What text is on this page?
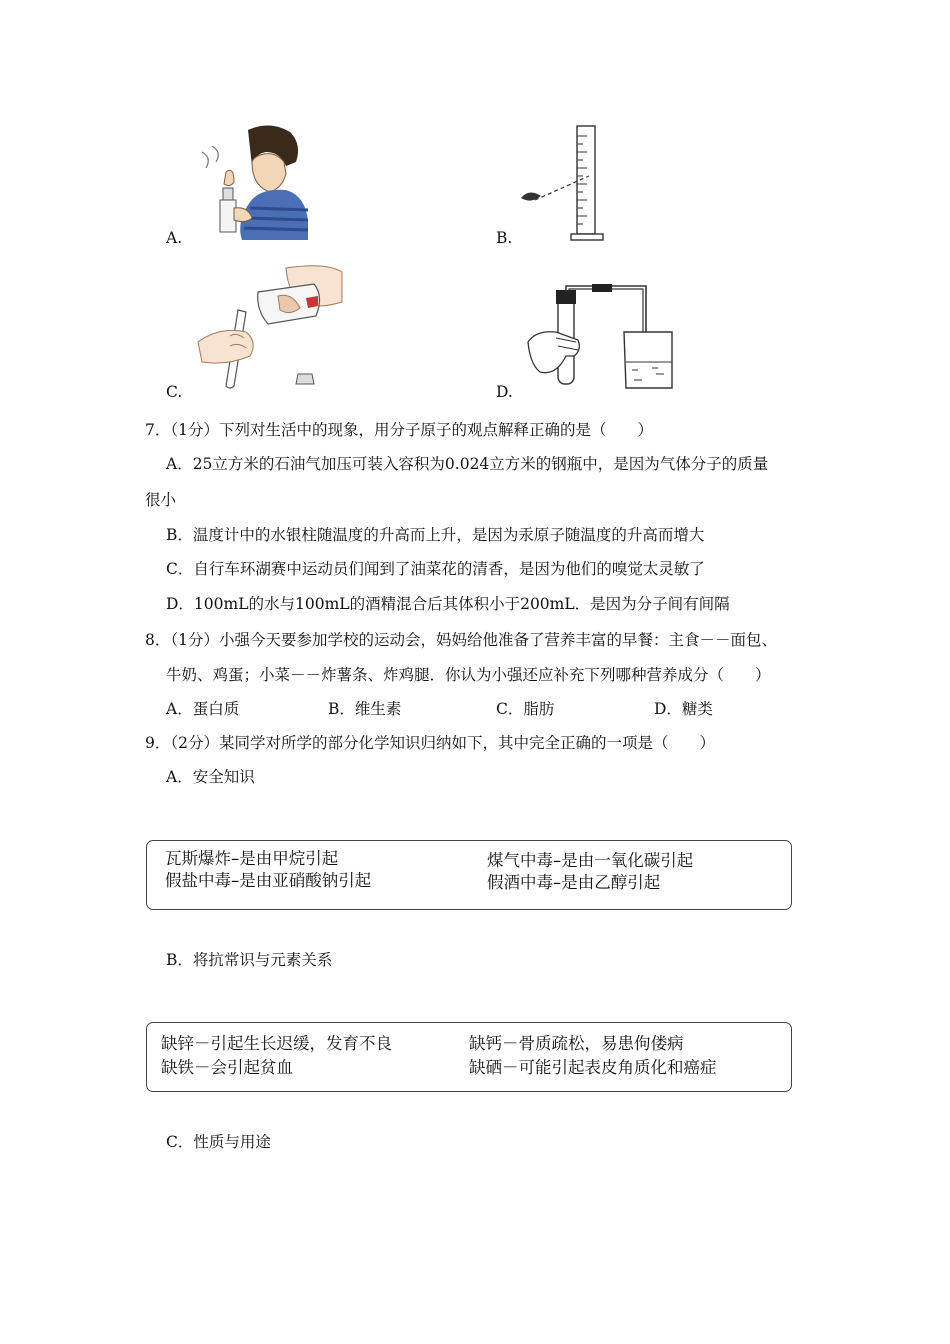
A.	B.
C.	D.
7．（1分）下列对生活中的现象，用分子原子的观点解释正确的是（　　）
A．25立方米的石油气加压可装入容积为0.024立方米的钢瓶中，是因为气体分子的质量
很小
B．温度计中的水银柱随温度的升高而上升，是因为汞原子随温度的升高而增大
C．自行车环湖赛中运动员们闻到了油菜花的清香，是因为他们的嗅觉太灵敏了
D．100mL的水与100mL的酒精混合后其体积小于200mL．是因为分子间有间隔
8．（1分）小强今天要参加学校的运动会，妈妈给他准备了营养丰富的早餐：主食－－面包、
牛奶、鸡蛋；小菜－－炸薯条、炸鸡腿．你认为小强还应补充下列哪种营养成分（　　）
A．蛋白质	B．维生素	C．脂肪	D．糖类
9．（2分）某同学对所学的部分化学知识归纳如下，其中完全正确的一项是（　　）
A．安全知识
瓦斯爆炸–是由甲烷引起
假盐中毒–是由亚硝酸钠引起
煤气中毒–是由一氧化碳引起
假酒中毒–是由乙醇引起
B．将抗常识与元素关系
缺锌－引起生长迟缓，发育不良
缺铁－会引起贫血
缺钙－骨质疏松，易患佝偻病
缺硒－可能引起表皮角质化和癌症
C．性质与用途
